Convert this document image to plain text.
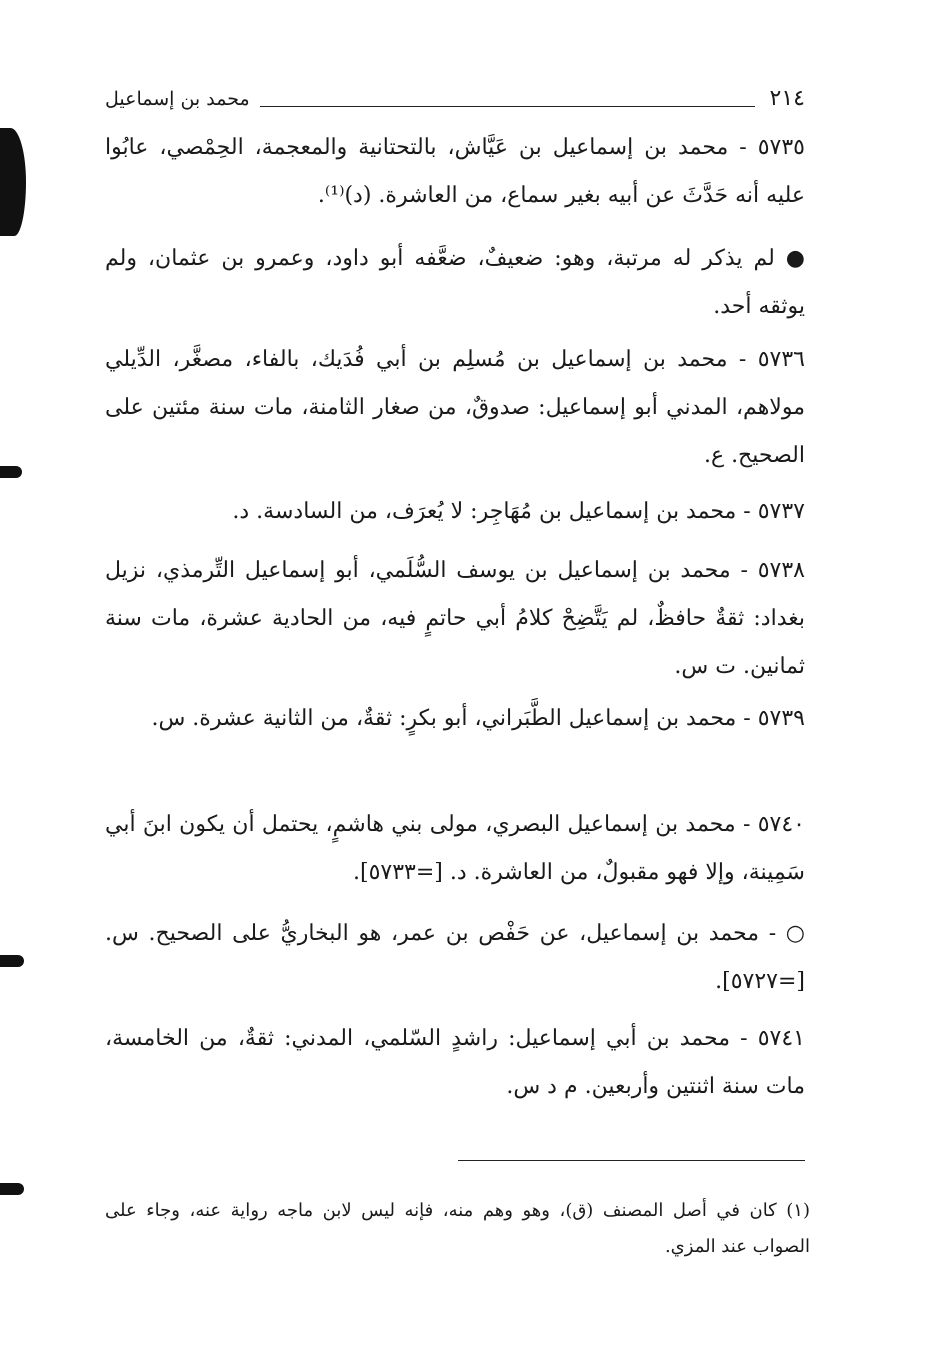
٢١٤
محمد بن إسماعيل

٥٧٣٥ - محمد بن إسماعيل بن عَيَّاش، بالتحتانية والمعجمة، الحِمْصي، عابُوا عليه أنه حَدَّثَ عن أبيه بغير سماع، من العاشرة. (د)⁽¹⁾.

● لم يذكر له مرتبة، وهو: ضعيفٌ، ضعَّفه أبو داود، وعمرو بن عثمان، ولم يوثقه أحد.

٥٧٣٦ - محمد بن إسماعيل بن مُسلِم بن أبي فُدَيك، بالفاء، مصغَّر، الدِّيلي مولاهم، المدني أبو إسماعيل: صدوقٌ، من صغار الثامنة، مات سنة مئتين على الصحيح. ع.

٥٧٣٧ - محمد بن إسماعيل بن مُهَاجِر: لا يُعرَف، من السادسة. د.

٥٧٣٨ - محمد بن إسماعيل بن يوسف السُّلَمي، أبو إسماعيل التِّرمذي، نزيل بغداد: ثقةٌ حافظٌ، لم يَتَّضِحْ كلامُ أبي حاتمٍ فيه، من الحادية عشرة، مات سنة ثمانين. ت س.

٥٧٣٩ - محمد بن إسماعيل الطَّبَراني، أبو بكرٍ: ثقةٌ، من الثانية عشرة. س.

٥٧٤٠ - محمد بن إسماعيل البصري، مولى بني هاشمٍ، يحتمل أن يكون ابنَ أبي سَمِينة، وإلا فهو مقبولٌ، من العاشرة. د. [=٥٧٣٣].

○ - محمد بن إسماعيل، عن حَفْص بن عمر، هو البخاريُّ على الصحيح. س. [=٥٧٢٧].

٥٧٤١ - محمد بن أبي إسماعيل: راشدٍ السّلمي، المدني: ثقةٌ، من الخامسة، مات سنة اثنتين وأربعين. م د س.

(١) كان في أصل المصنف (ق)، وهو وهم منه، فإنه ليس لابن ماجه رواية عنه، وجاء على الصواب عند المزي.
